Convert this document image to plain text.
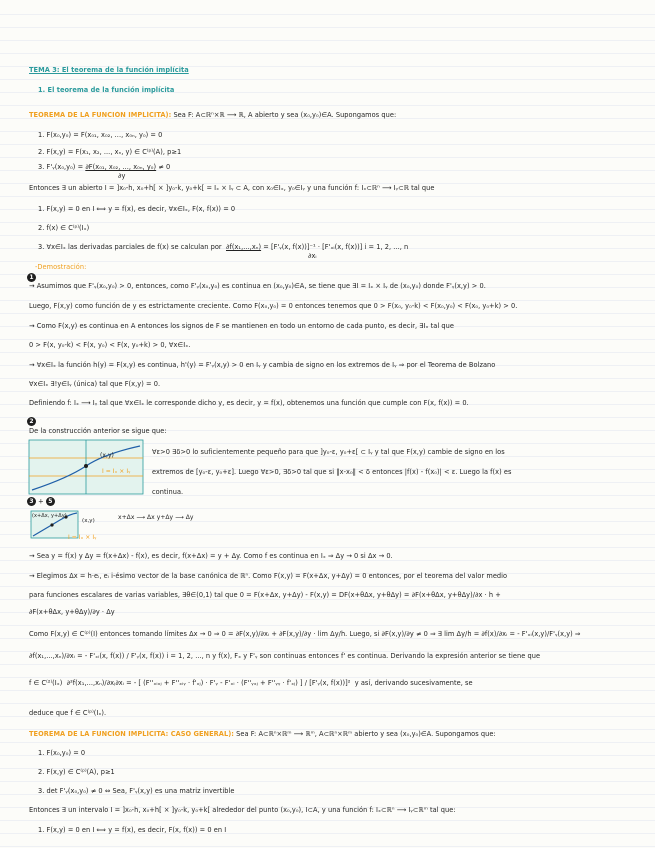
TEMA 3: El teorema de la función implícita
1. El teorema de la función implícita
TEOREMA DE LA FUNCIÓN IMPLÍCITA): Sea F: A⊂ℝⁿ×ℝ ⟶ ℝ, A abierto y sea (x₀,y₀)∈A. Supongamos que:
1. F(x₀,y₀) = F(x₀₁, x₀₂, ..., x₀ₙ, y₀) = 0
2. F(x,y) = F(x₁, x₂, ..., xₙ, y) ∈ C⁽ᵖ⁾(A), p≥1
3. F'ᵧ(x₀,y₀) = ∂F(x₀₁, x₀₂, ..., x₀ₙ, y₀) ≠ 0
∂y
Entonces ∃ un abierto I = ]x₀-h, x₀+h[ × ]y₀-k, y₀+k[ = Iₓ × Iᵧ ⊂ A, con x₀∈Iₓ, y₀∈Iᵧ y una función f: Iₓ⊂ℝⁿ ⟶ Iᵧ⊂ℝ tal que
1. F(x,y) = 0 en I ⟺ y = f(x), es decir, ∀x∈Iₓ, F(x, f(x)) = 0
2. f(x) ∈ C⁽ᵖ⁾(Iₓ)
3. ∀x∈Iₓ las derivadas parciales de f(x) se calculan por ∂f(x₁,...,xₙ) = [F'ᵧ(x, f(x))]⁻¹ · [F'ₓᵢ(x, f(x))] i = 1, 2, ..., n
∂xᵢ
-Demostración:
1
→ Asumimos que F'ᵧ(x₀,y₀) > 0, entonces, como F'ᵧ(x₀,y₀) es continua en (x₀,y₀)∈A, se tiene que ∃I = Iₓ × Iᵧ de (x₀,y₀) donde F'ᵧ(x,y) > 0.
Luego, F(x,y) como función de y es estrictamente creciente. Como F(x₀,y₀) = 0 entonces tenemos que 0 > F(x₀, y₀-k) < F(x₀,y₀) < F(x₀, y₀+k) > 0.
→ Como F(x,y) es continua en A entonces los signos de F se mantienen en todo un entorno de cada punto, es decir, ∃Iₓ tal que
0 > F(x, y₀-k) < F(x, y₀) < F(x, y₀+k) > 0, ∀x∈Iₓ.
→ ∀x∈Iₓ la función h(y) = F(x,y) es continua, h'(y) = F'ᵧ(x,y) > 0 en Iᵧ y cambia de signo en los extremos de Iᵧ ⇒ por el Teorema de Bolzano
∀x∈Iₓ ∃!y∈Iᵧ (única) tal que F(x,y) = 0.
Definiendo f: Iₓ ⟶ Iᵧ tal que ∀x∈Iₓ le corresponde dicho y, es decir, y = f(x), obtenemos una función que cumple con F(x, f(x)) = 0.
2
De la construcción anterior se sigue que:
(x,y)
I = Iₓ × Iᵧ
∀ε>0 ∃δ>0 lo suficientemente pequeño para que ]y₀-ε, y₀+ε[ ⊂ Iᵧ y tal que F(x,y) cambie de signo en los
extremos de [y₀-ε, y₀+ε]. Luego ∀ε>0, ∃δ>0 tal que si ‖x-x₀‖ < δ entonces |f(x) - f(x₀)| < ε. Luego la f(x) es
continua.
3 + 5
(x+Δx, y+Δy)
(x,y)	x+Δx ⟶ Δx y+Δy ⟶ Δy
I = Iₓ × Iᵧ
→ Sea y = f(x) y Δy = f(x+Δx) - f(x), es decir, f(x+Δx) = y + Δy. Como f es continua en Iₓ ⇒ Δy → 0 si Δx → 0.
→ Elegimos Δx = h·eᵢ, eᵢ i-ésimo vector de la base canónica de ℝⁿ. Como F(x,y) = F(x+Δx, y+Δy) = 0 entonces, por el teorema del valor medio
para funciones escalares de varias variables, ∃θ∈(0,1) tal que 0 = F(x+Δx, y+Δy) - F(x,y) = DF(x+θΔx, y+θΔy) = ∂F(x+θΔx, y+θΔy)/∂x · h +
∂F(x+θΔx, y+θΔy)/∂y · Δy
Como F(x,y) ∈ C⁽ᵖ⁾(I) entonces tomando límites Δx → 0 ⇒ 0 = ∂F(x,y)/∂xᵢ + ∂F(x,y)/∂y · lim Δy/h. Luego, si ∂F(x,y)/∂y ≠ 0 ⇒ ∃ lim Δy/h = ∂f(x)/∂xᵢ = - F'ₓᵢ(x,y)/F'ᵧ(x,y) ⇒
∂f(x₁,...,xₙ)/∂xᵢ = - F'ₓᵢ(x, f(x)) / F'ᵧ(x, f(x)) i = 1, 2, ..., n y f(x), Fₓ y F'ᵧ son continuas entonces f' es continua. Derivando la expresión anterior se tiene que
f ∈ C⁽²⁾(Iₓ) ∂²f(x₁,...,xₙ)/∂xⱼ∂xᵢ = - [ (F''ₓᵢₓⱼ + F''ₓᵢᵧ · f'ₓⱼ) · F'ᵧ - F'ₓᵢ · (F''ᵧₓⱼ + F''ᵧᵧ · f'ₓⱼ) ] / [F'ᵧ(x, f(x))]² y así, derivando sucesivamente, se
deduce que f ∈ C⁽ᵖ⁾(Iₓ).
TEOREMA DE LA FUNCIÓN IMPLÍCITA: CASO GENERAL): Sea F: A⊂ℝⁿ×ℝᵐ ⟶ ℝᵐ, A⊂ℝⁿ×ℝᵐ abierto y sea (x₀,y₀)∈A. Supongamos que:
1. F(x₀,y₀) = 0
2. F(x,y) ∈ C⁽ᵖ⁾(A), p≥1
3. det F'ᵧ(x₀,y₀) ≠ 0 ⇔ Sea, F'ᵧ(x,y) es una matriz invertible
Entonces ∃ un intervalo I = ]x₀-h, x₀+h[ × ]y₀-k, y₀+k[ alrededor del punto (x₀,y₀), I⊂A, y una función f: Iₓ⊂ℝⁿ ⟶ Iᵧ⊂ℝᵐ tal que:
1. F(x,y) = 0 en I ⟺ y = f(x), es decir, F(x, f(x)) = 0 en I
